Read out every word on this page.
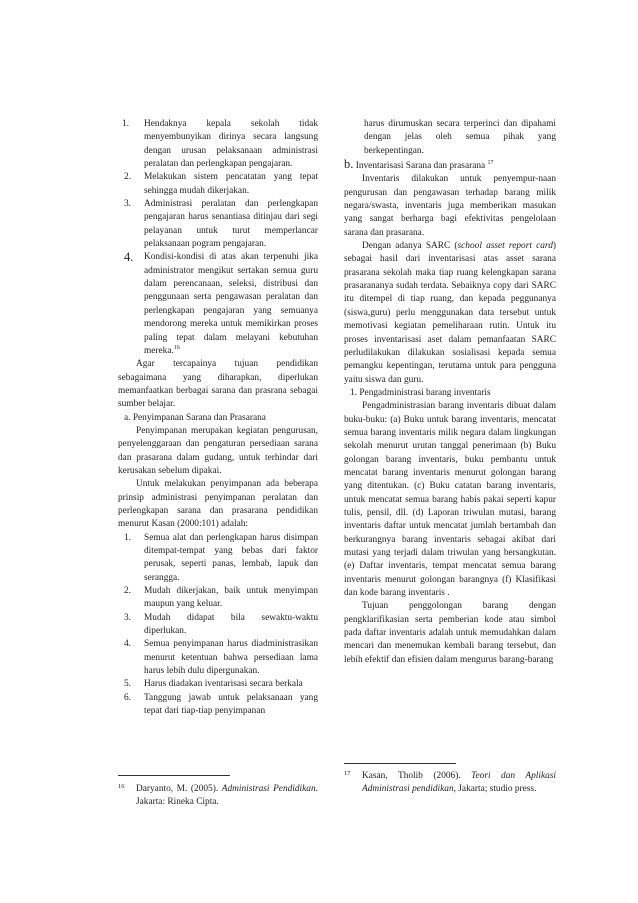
1. Hendaknya kepala sekolah tidak menyembunyikan dirinya secara langsung dengan urusan pelaksanaan administrasi peralatan dan perlengkapan pengajaran.
2. Melakukan sistem pencatatan yang tepat sehingga mudah dikerjakan.
3. Administrasi peralatan dan perlengkapan pengajaran harus senantiasa ditinjau dari segi pelayanan untuk turut memperlancar pelaksanaan pogram pengajaran.
4. Kondisi-kondisi di atas akan terpenuhi jika administrator mengikut sertakan semua guru dalam perencanaan, seleksi, distribusi dan penggunaan serta pengawasan peralatan dan perlengkapan pengajaran yang semuanya mendorong mereka untuk memikirkan proses paling tepat dalam melayani kebutuhan mereka.$^{16}$

Agar tercapainya tujuan pendidikan sebagaimana yang diharapkan, diperlukan memanfaatkan berbagai sarana dan prasrana sebagai sumber belajar.

a. Penyimpanan Sarana dan Prasarana

Penyimpanan merupakan kegiatan pengurusan, penyelenggaraan dan pengaturan persediaan sarana dan prasarana dalam gudang, untuk terhindar dari kerusakan sebelum dipakai.

Untuk melakukan penyimpanan ada beberapa prinsip administrasi penyimpanan peralatan dan perlengkapan sarana dan prasarana pendidikan menurut Kasan (2000:101) adalah:

1. Semua alat dan perlengkapan harus disimpan ditempat-tempat yang bebas dari faktor perusak, seperti panas, lembab, lapuk dan serangga.
2. Mudah dikerjakan, baik untuk menyimpan maupun yang keluar.
3. Mudah didapat bila sewaktu-waktu diperlukan.
4. Semua penyimpanan harus diadministrasikan menurut ketentuan bahwa persediaan lama harus lebih dulu dipergunakan.
5. Harus diadakan iventarisasi secara berkala
6. Tanggung jawab untuk pelaksanaan yang tepat dari tiap-tiap penyimpanan
16	Daryanto, M. (2005). Administrasi Pendidikan. Jakarta: Rineka Cipta.

harus dirumuskan secara terperinci dan dipahami dengan jelas oleh semua pihak yang berkepentingan.

b. Inventarisasi Sarana dan prasarana $^{17}$

Inventaris dilakukan untuk penyempur-naan pengurusan dan pengawasan terhadap barang milik negara/swasta, inventaris juga memberikan masukan yang sangat berharga bagi efektivitas pengelolaan sarana dan prasarana.

Dengan adanya SARC (school asset report card) sebagai hasil dari inventarisasi atas asset sarana prasarana sekolah maka tiap ruang kelengkapan sarana prasarananya sudah terdata. Sebaiknya copy dari SARC itu ditempel di tiap ruang, dan kepada peggunanya (siswa,guru) perlu menggunakan data tersebut untuk memotivasi kegiatan pemeliharaan rutin. Untuk itu proses inventarisasi aset dalam pemanfaatan SARC perludilakukan dilakukan sosialisasi kepada semua pemangku kepentingan, terutama untuk para pengguna yaitu siswa dan guru.

1. Pengadministrasi barang inventaris

Pengadministrasian barang inventaris dibuat dalam buku-buku: (a) Buku untuk barang inventaris, mencatat semua barang inventaris milik negara dalam lingkungan sekolah menurut urutan tanggal penerimaan (b) Buku golongan barang inventaris, buku pembantu untuk mencatat barang inventaris menurut golongan barang yang ditentukan. (c) Buku catatan barang inventaris, untuk mencatat semua barang habis pakai seperti kapur tulis, pensil, dll. (d) Laporan triwulan mutasi, barang inventaris daftar untuk mencatat jumlah bertambah dan berkurangnya barang inventaris sebagai akibat dari mutasi yang terjadi dalam triwulan yang bersangkutan. (e) Daftar inventaris, tempat mencatat semua barang inventaris menurut golongan barangnya (f) Klasifikasi dan kode barang inventaris .

Tujuan penggolongan barang dengan pengklarifikasian serta pemberian kode atau simbol pada daftar inventaris adalah untuk memudahkan dalam mencari dan menemukan kembali barang tersebut, dan lebih efektif dan efisien dalam mengurus barang-barang

17	Kasan, Tholib (2006). Teori dan Aplikasi Administrasi pendidikan, Jakarta; studio press.
